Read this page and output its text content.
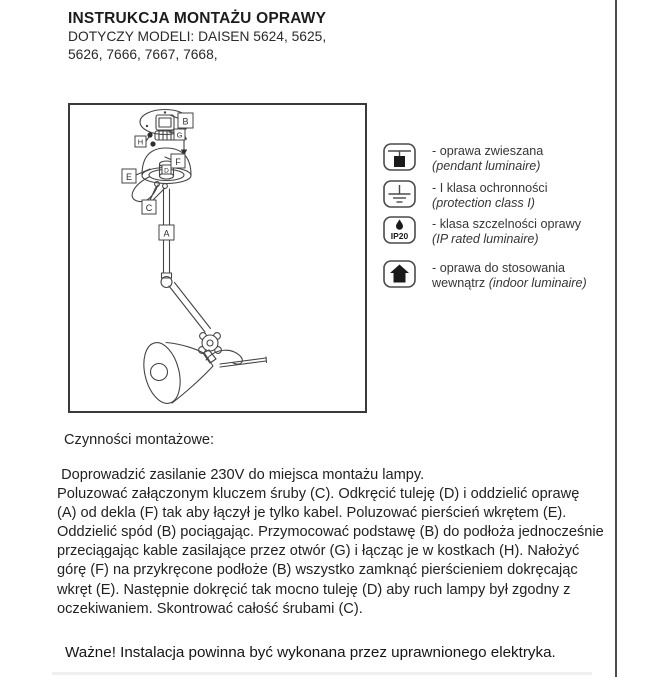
INSTRUKCJA MONTAŻU OPRAWY
DOTYCZY MODELI: DAISEN 5624, 5625,
5626, 7666, 7667, 7668,
B
G
H
F
E
D
C
A
- oprawa zwieszana
(pendant luminaire)
- I klasa ochronności
(protection class I)
IP20
- klasa szczelności oprawy
(IP rated luminaire)
- oprawa do stosowania
wewnątrz (indoor luminaire)
Czynności montażowe:
Doprowadzić zasilanie 230V do miejsca montażu lampy.
Poluzować załączonym kluczem śruby (C). Odkręcić tuleję (D) i oddzielić oprawę
(A) od dekla (F) tak aby łączył je tylko kabel. Poluzować pierścień wkrętem (E).
Oddzielić spód (B) pociągając. Przymocować podstawę (B) do podłoża jednocześnie
przeciągając kable zasilające przez otwór (G) i łącząc je w kostkach (H). Nałożyć
górę (F) na przykręcone podłoże (B) wszystko zamknąć pierścieniem dokręcając
wkręt (E). Następnie dokręcić tak mocno tuleję (D) aby ruch lampy był zgodny z
oczekiwaniem. Skontrować całość śrubami (C).
Ważne! Instalacja powinna być wykonana przez uprawnionego elektryka.
